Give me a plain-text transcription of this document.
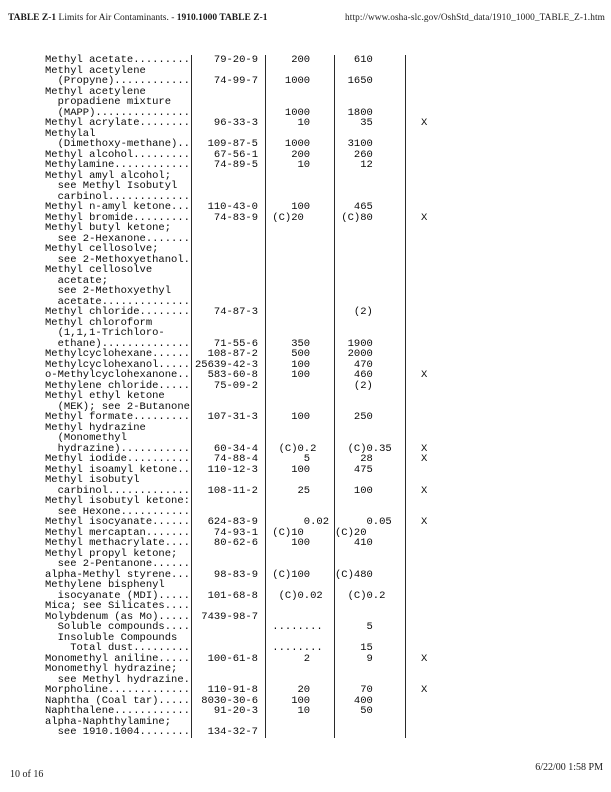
TABLE Z-1 Limits for Air Contaminants. - 1910.1000 TABLE Z-1	http://www.osha-slc.gov/OshStd_data/1910_1000_TABLE_Z-1.htm
Methyl acetate.........	79-20-9 200	610
Methyl acetylene
(Propyne)............	74-99-7 1000	1650
Methyl acetylene
propadiene mixture
(MAPP)...............	1000	1800
Methyl acrylate........	96-33-3 10	35	X
Methylal
(Dimethoxy-methane)..	109-87-5 1000	3100
Methyl alcohol.........	67-56-1 200	260
Methylamine............	74-89-5 10	12
Methyl amyl alcohol;
see Methyl Isobutyl
carbinol.............
Methyl n-amyl ketone...	110-43-0 100	465
Methyl bromide.........	74-83-9 (C)20	(C)80	X
Methyl butyl ketone;
see 2-Hexanone.......
Methyl cellosolve;
see 2-Methoxyethanol.
Methyl cellosolve
acetate;
see 2-Methoxyethyl
acetate..............
Methyl chloride........	74-87-3	(2)
Methyl chloroform
(1,1,1-Trichloro-
ethane)..............	71-55-6 350	1900
Methylcyclohexane......	108-87-2 500	2000
Methylcyclohexanol..... 25639-42-3 100	470
o-Methylcyclohexanone..	583-60-8 100	460	X
Methylene chloride.....	75-09-2	(2)
Methyl ethyl ketone
(MEK); see 2-Butanone
Methyl formate.........	107-31-3 100	250
Methyl hydrazine
(Monomethyl
hydrazine)...........	60-34-4 (C)0.2	(C)0.35	X
Methyl iodide..........	74-88-4 5	28	X
Methyl isoamyl ketone..	110-12-3 100	475
Methyl isobutyl
carbinol.............	108-11-2 25	100	X
Methyl isobutyl ketone:
see Hexone...........
Methyl isocyanate......	624-83-9 0.02 0.05	X
Methyl mercaptan.......	74-93-1 (C)10	(C)20
Methyl methacrylate....	80-62-6 100	410
Methyl propyl ketone;
see 2-Pentanone......
alpha-Methyl styrene...	98-83-9 (C)100	(C)480
Methylene bisphenyl
isocyanate (MDI).....	101-68-8 (C)0.02	(C)0.2
Mica; see Silicates....
Molybdenum (as Mo).....	7439-98-7
Soluble compounds....	........	5
Insoluble Compounds
Total dust.........	........	15
Monomethyl aniline.....	100-61-8 2	9	X
Monomethyl hydrazine;
see Methyl hydrazine.
Morpholine.............	110-91-8 20	70	X
Naphtha (Coal tar).....	8030-30-6 100	400
Naphthalene............	91-20-3 10	50
alpha-Naphthylamine;
see 1910.1004........	134-32-7
10 of 16
6/22/00 1:58 PM
